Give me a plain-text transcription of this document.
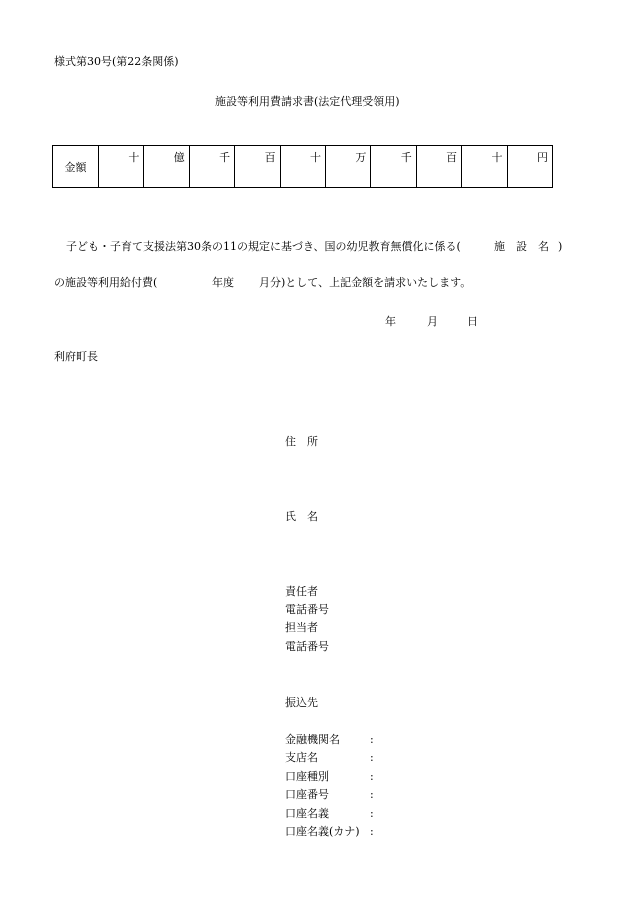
様式第30号(第22条関係)
施設等利用費請求書(法定代理受領用)
金額	十	億	千	百	十	万	千	百	十	円
子ども・子育て支援法第30条の11の規定に基づき、国の幼児教育無償化に係る(	施　設　名 )
の施設等利用給付費(	年度 月分)として、上記金額を請求いたします。
年	月	日
利府町長
住　所
氏　名
責任者
電話番号
担当者
電話番号
振込先
金融機関名	:
支店名	:
口座種別	:
口座番号	:
口座名義	:
口座名義(カナ) :
